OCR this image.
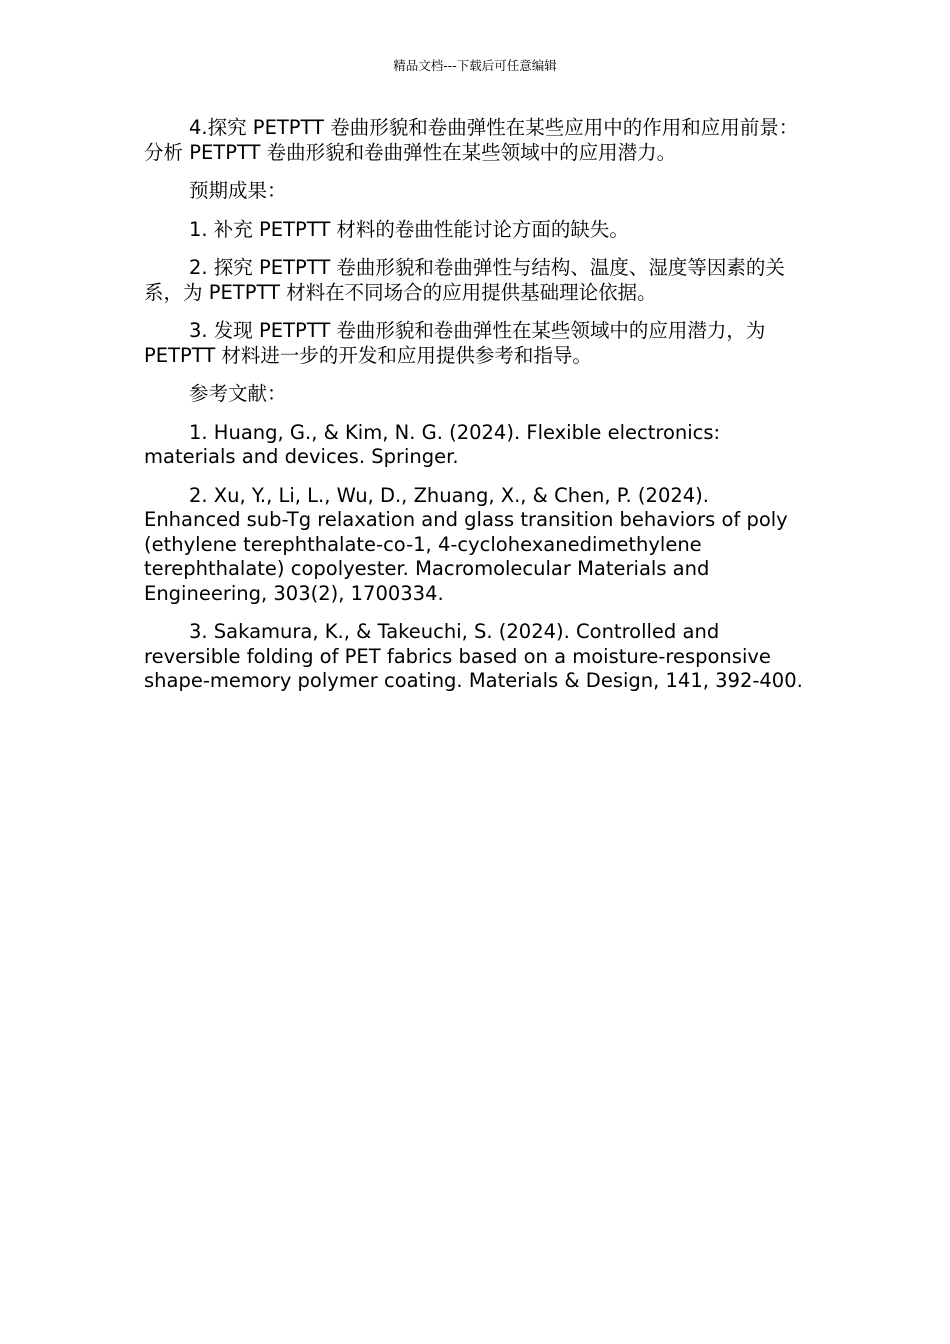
精品文档---下载后可任意编辑

4.探究 PETPTT 卷曲形貌和卷曲弹性在某些应用中的作用和应用前景：分析 PETPTT 卷曲形貌和卷曲弹性在某些领域中的应用潜力。

预期成果：

1. 补充 PETPTT 材料的卷曲性能讨论方面的缺失。

2. 探究 PETPTT 卷曲形貌和卷曲弹性与结构、温度、湿度等因素的关系，为 PETPTT 材料在不同场合的应用提供基础理论依据。

3. 发现 PETPTT 卷曲形貌和卷曲弹性在某些领域中的应用潜力，为 PETPTT 材料进一步的开发和应用提供参考和指导。

参考文献：

1. Huang, G., & Kim, N. G. (2024). Flexible electronics: materials and devices. Springer.

2. Xu, Y., Li, L., Wu, D., Zhuang, X., & Chen, P. (2024). Enhanced sub-Tg relaxation and glass transition behaviors of poly (ethylene terephthalate-co-1, 4-cyclohexanedimethylene terephthalate) copolyester. Macromolecular Materials and Engineering, 303(2), 1700334.

3. Sakamura, K., & Takeuchi, S. (2024). Controlled and reversible folding of PET fabrics based on a moisture-responsive shape-memory polymer coating. Materials & Design, 141, 392-400.
